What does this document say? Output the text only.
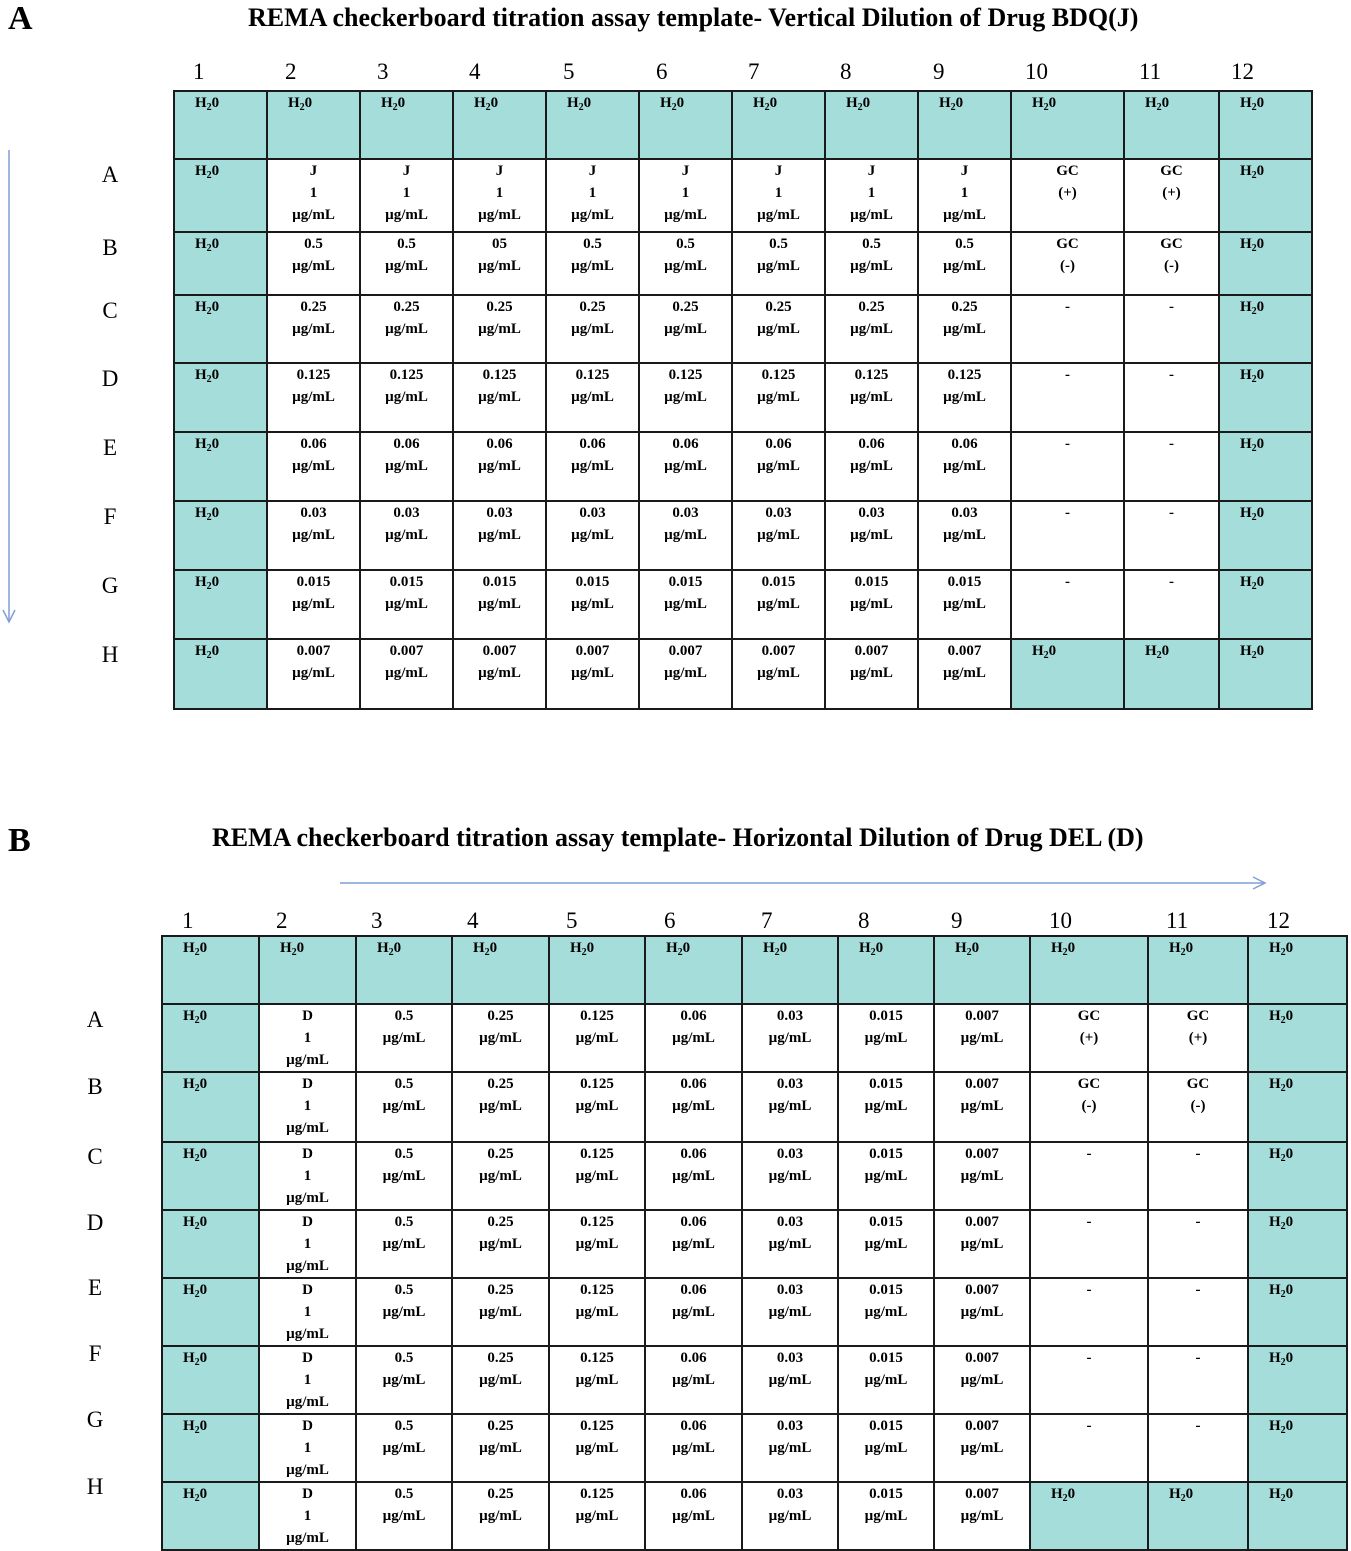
A	REMA checkerboard titration assay template- Vertical Dilution of Drug BDQ(J)
1	2	3	4	5	6	7	8	9	10	11	12
A
B
C
D
E
F
G
H
$H_20$	$H_20$	$H_20$	$H_20$	$H_20$	$H_20$	$H_20$	$H_20$	$H_20$	$H_20$	$H_20$	$H_20$

$H_20$	J
1
µg/mL	J
1
µg/mL	J
1
µg/mL	J
1
µg/mL	J
1
µg/mL	J
1
µg/mL	J
1
µg/mL	J
1
µg/mL	GC
(+)	GC
(+)	$H_20$

$H_20$	0.5
µg/mL	0.5
µg/mL	05
µg/mL	0.5
µg/mL	0.5
µg/mL	0.5
µg/mL	0.5
µg/mL	0.5
µg/mL	GC
(-)	GC
(-)	$H_20$

$H_20$	0.25
µg/mL	0.25
µg/mL	0.25
µg/mL	0.25
µg/mL	0.25
µg/mL	0.25
µg/mL	0.25
µg/mL	0.25
µg/mL	-	-	$H_20$

$H_20$	0.125
µg/mL	0.125
µg/mL	0.125
µg/mL	0.125
µg/mL	0.125
µg/mL	0.125
µg/mL	0.125
µg/mL	0.125
µg/mL	-	-	$H_20$

$H_20$	0.06
µg/mL	0.06
µg/mL	0.06
µg/mL	0.06
µg/mL	0.06
µg/mL	0.06
µg/mL	0.06
µg/mL	0.06
µg/mL	-	-	$H_20$

$H_20$	0.03
µg/mL	0.03
µg/mL	0.03
µg/mL	0.03
µg/mL	0.03
µg/mL	0.03
µg/mL	0.03
µg/mL	0.03
µg/mL	-	-	$H_20$

$H_20$	0.015
µg/mL	0.015
µg/mL	0.015
µg/mL	0.015
µg/mL	0.015
µg/mL	0.015
µg/mL	0.015
µg/mL	0.015
µg/mL	-	-	$H_20$

$H_20$	0.007
µg/mL	0.007
µg/mL	0.007
µg/mL	0.007
µg/mL	0.007
µg/mL	0.007
µg/mL	0.007
µg/mL	0.007
µg/mL	$H_20$	$H_20$	$H_20$
B	REMA checkerboard titration assay template- Horizontal Dilution of Drug DEL (D)
1	2	3	4	5	6	7	8	9	10	11	12
A
B
C
D
E
F
G
H
$H_20$	$H_20$	$H_20$	$H_20$	$H_20$	$H_20$	$H_20$	$H_20$	$H_20$	$H_20$	$H_20$	$H_20$

$H_20$	D
1
µg/mL	0.5
µg/mL	0.25
µg/mL	0.125
µg/mL	0.06
µg/mL	0.03
µg/mL	0.015
µg/mL	0.007
µg/mL	GC
(+)	GC
(+)	$H_20$

$H_20$	D
1
µg/mL	0.5
µg/mL	0.25
µg/mL	0.125
µg/mL	0.06
µg/mL	0.03
µg/mL	0.015
µg/mL	0.007
µg/mL	GC
(-)	GC
(-)	$H_20$

$H_20$	D
1
µg/mL	0.5
µg/mL	0.25
µg/mL	0.125
µg/mL	0.06
µg/mL	0.03
µg/mL	0.015
µg/mL	0.007
µg/mL	-	-	$H_20$

$H_20$	D
1
µg/mL	0.5
µg/mL	0.25
µg/mL	0.125
µg/mL	0.06
µg/mL	0.03
µg/mL	0.015
µg/mL	0.007
µg/mL	-	-	$H_20$

$H_20$	D
1
µg/mL	0.5
µg/mL	0.25
µg/mL	0.125
µg/mL	0.06
µg/mL	0.03
µg/mL	0.015
µg/mL	0.007
µg/mL	-	-	$H_20$

$H_20$	D
1
µg/mL	0.5
µg/mL	0.25
µg/mL	0.125
µg/mL	0.06
µg/mL	0.03
µg/mL	0.015
µg/mL	0.007
µg/mL	-	-	$H_20$

$H_20$	D
1
µg/mL	0.5
µg/mL	0.25
µg/mL	0.125
µg/mL	0.06
µg/mL	0.03
µg/mL	0.015
µg/mL	0.007
µg/mL	-	-	$H_20$

$H_20$	D
1
µg/mL	0.5
µg/mL	0.25
µg/mL	0.125
µg/mL	0.06
µg/mL	0.03
µg/mL	0.015
µg/mL	0.007
µg/mL	$H_20$	$H_20$	$H_20$
